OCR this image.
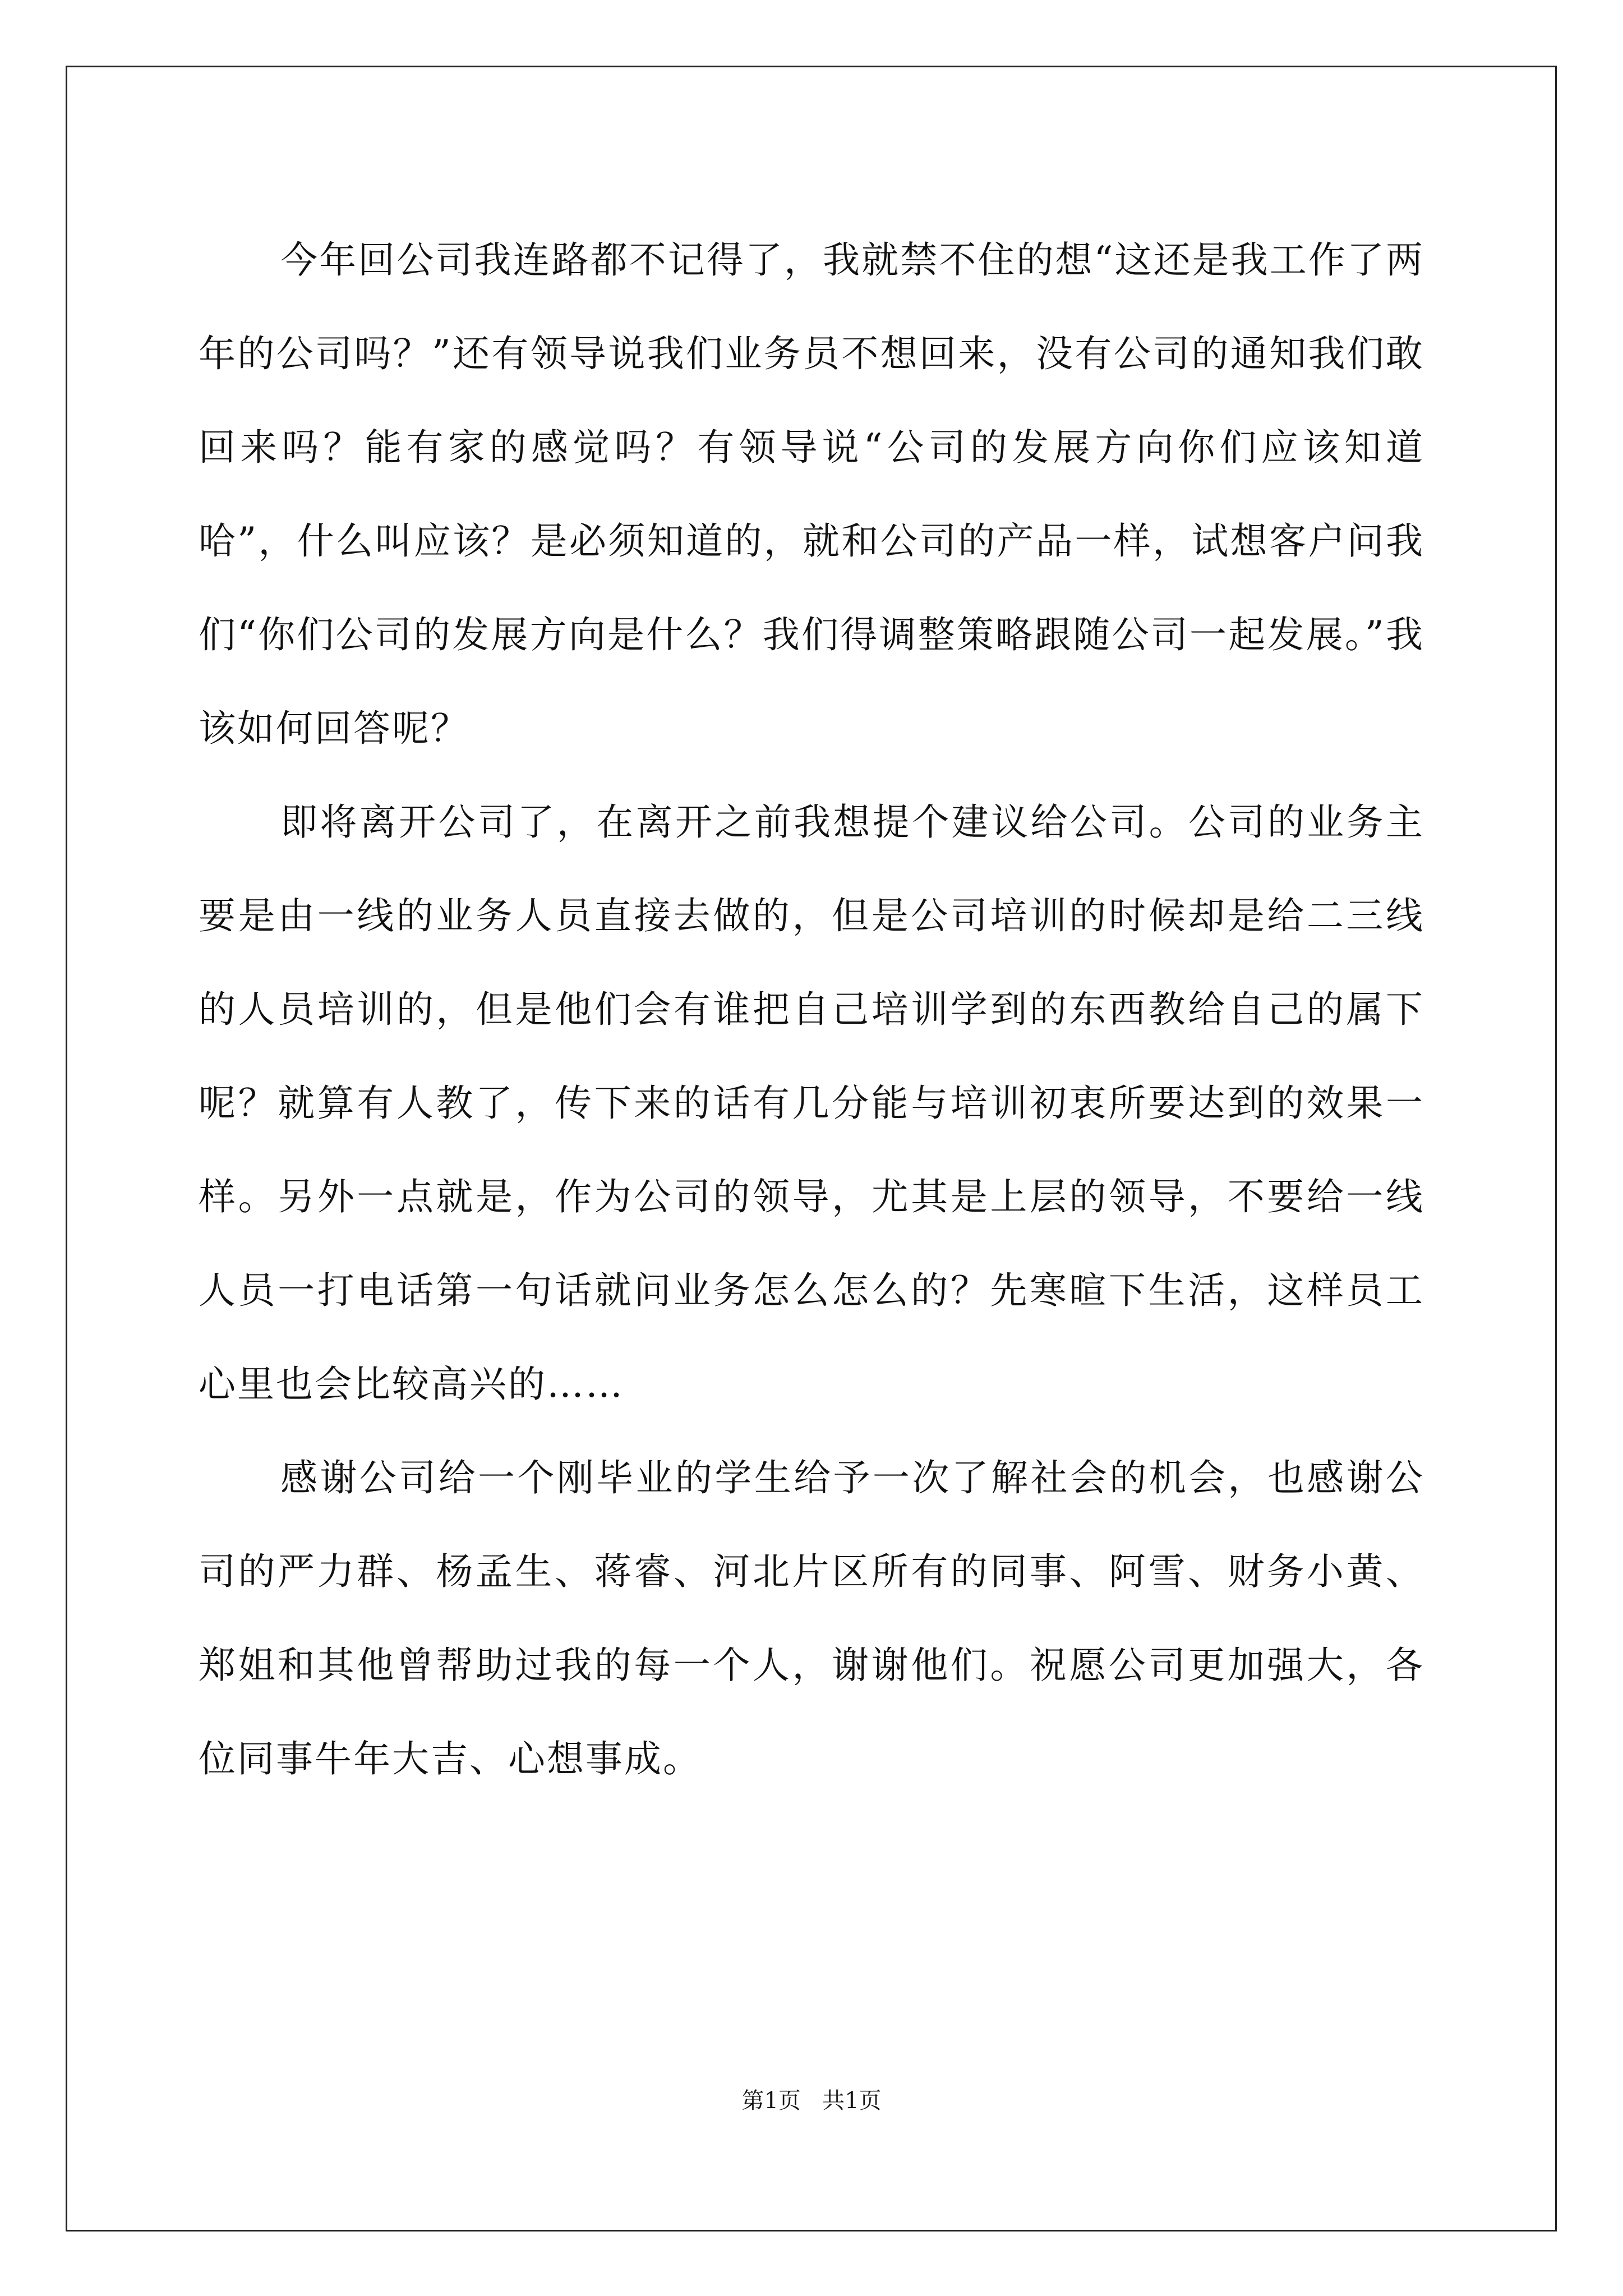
今年回公司我连路都不记得了，我就禁不住的想“这还是我工作了两年的公司吗？”还有领导说我们业务员不想回来，没有公司的通知我们敢回来吗？能有家的感觉吗？有领导说“公司的发展方向你们应该知道哈”，什么叫应该？是必须知道的，就和公司的产品一样，试想客户问我们“你们公司的发展方向是什么？我们得调整策略跟随公司一起发展。”我该如何回答呢？

即将离开公司了，在离开之前我想提个建议给公司。公司的业务主要是由一线的业务人员直接去做的，但是公司培训的时候却是给二三线的人员培训的，但是他们会有谁把自己培训学到的东西教给自己的属下呢？就算有人教了，传下来的话有几分能与培训初衷所要达到的效果一样。另外一点就是，作为公司的领导，尤其是上层的领导，不要给一线人员一打电话第一句话就问业务怎么怎么的？先寒暄下生活，这样员工心里也会比较高兴的……

感谢公司给一个刚毕业的学生给予一次了解社会的机会，也感谢公司的严力群、杨孟生、蒋睿、河北片区所有的同事、阿雪、财务小黄、郑姐和其他曾帮助过我的每一个人，谢谢他们。祝愿公司更加强大，各位同事牛年大吉、心想事成。

第1页 共1页
